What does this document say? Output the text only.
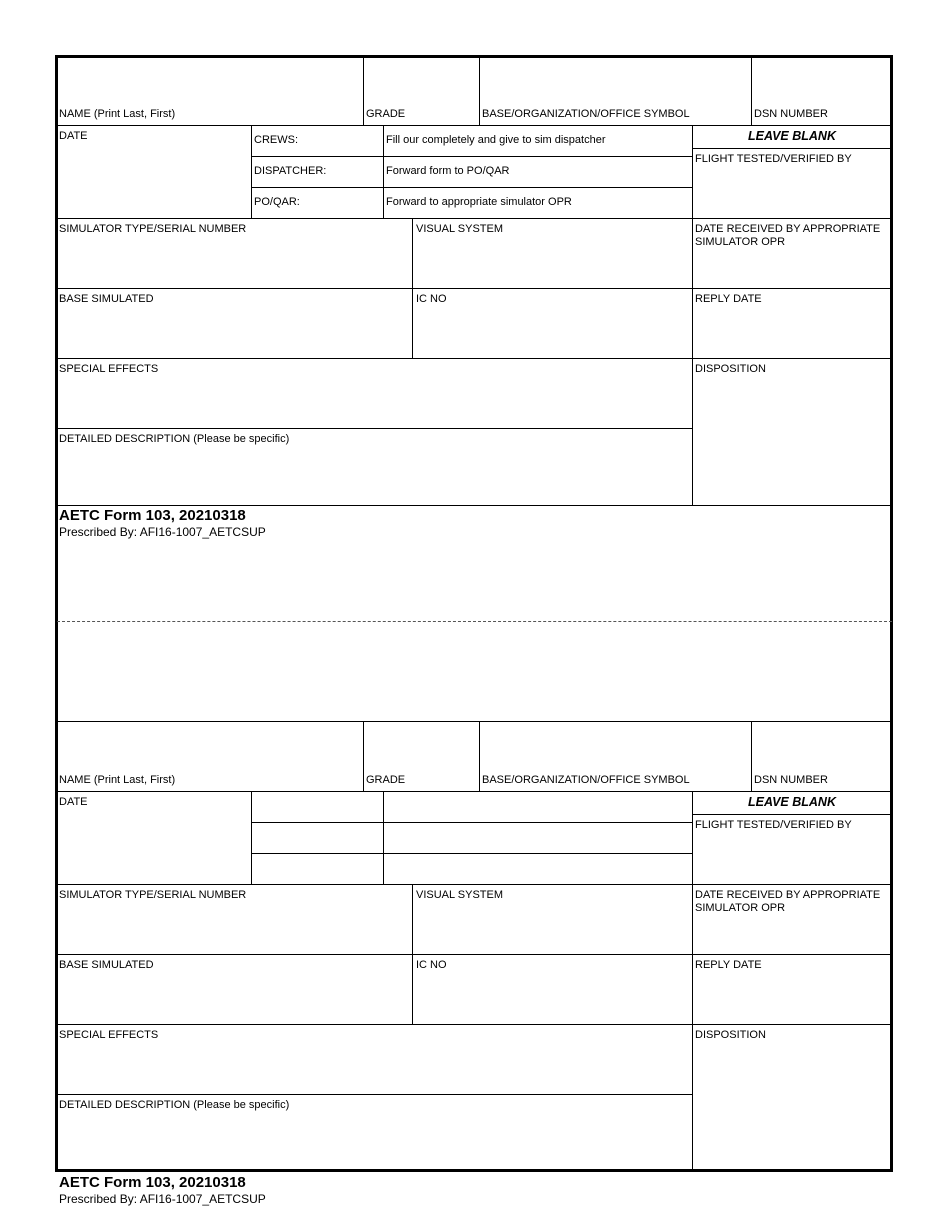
NAME (Print Last, First)	GRADE	BASE/ORGANIZATION/OFFICE SYMBOL	DSN NUMBER
DATE	CREWS:	Fill our completely and give to sim dispatcher
DISPATCHER:	Forward form to PO/QAR
PO/QAR:	Forward to appropriate simulator OPR
LEAVE BLANK
FLIGHT TESTED/VERIFIED BY
SIMULATOR TYPE/SERIAL NUMBER	VISUAL SYSTEM	DATE RECEIVED BY APPROPRIATE SIMULATOR OPR
BASE SIMULATED	IC NO	REPLY DATE
SPECIAL EFFECTS	DISPOSITION
DETAILED DESCRIPTION (Please be specific)
AETC Form 103, 20210318
Prescribed By: AFI16-1007_AETCSUP
NAME (Print Last, First)	GRADE	BASE/ORGANIZATION/OFFICE SYMBOL	DSN NUMBER
DATE	LEAVE BLANK
FLIGHT TESTED/VERIFIED BY
SIMULATOR TYPE/SERIAL NUMBER	VISUAL SYSTEM	DATE RECEIVED BY APPROPRIATE SIMULATOR OPR
BASE SIMULATED	IC NO	REPLY DATE
SPECIAL EFFECTS	DISPOSITION
DETAILED DESCRIPTION (Please be specific)
AETC Form 103, 20210318
Prescribed By: AFI16-1007_AETCSUP
